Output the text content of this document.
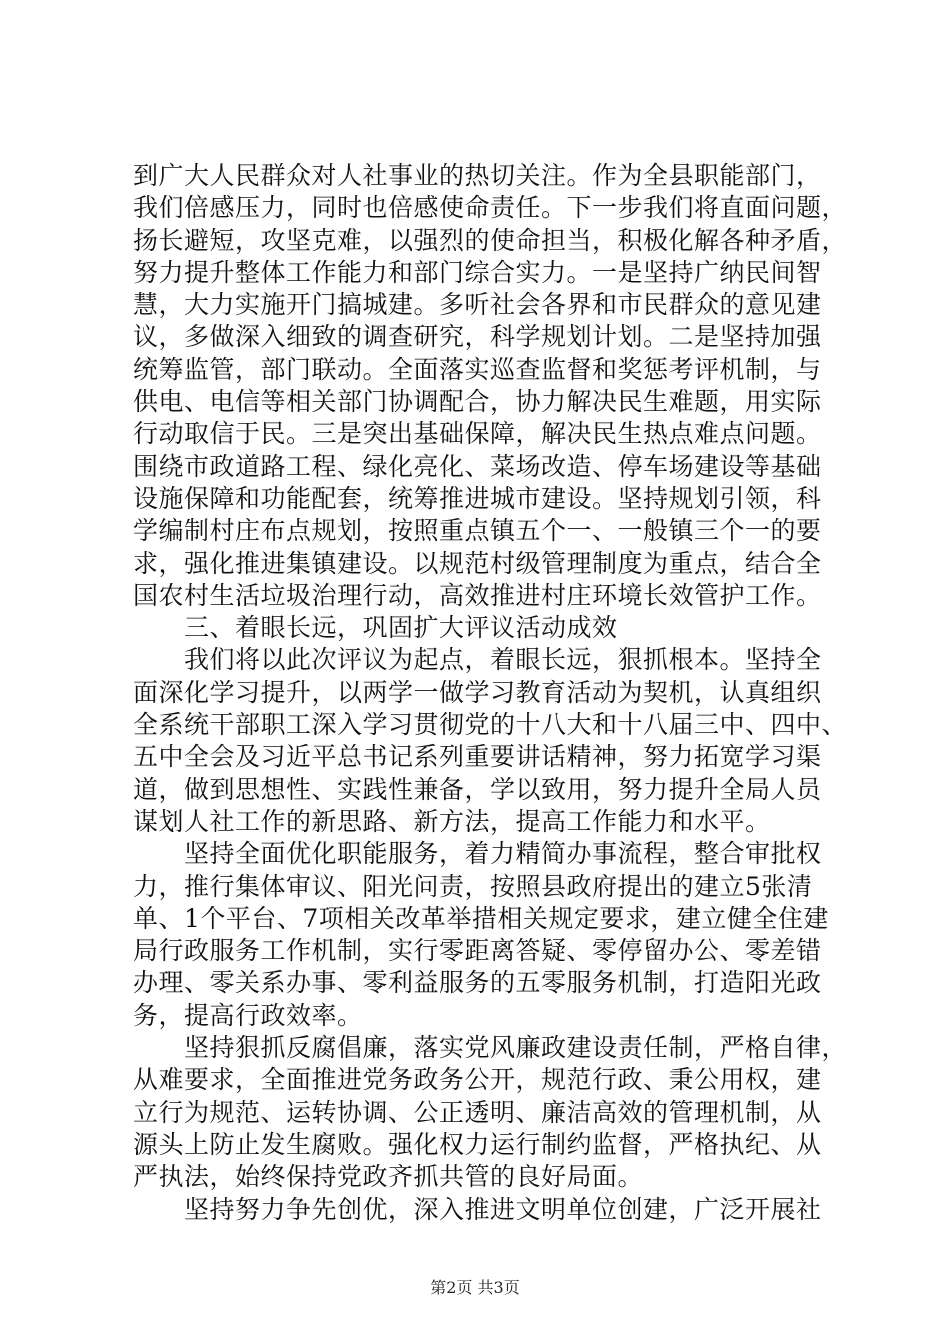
到广大人民群众对人社事业的热切关注。作为全县职能部门，
我们倍感压力，同时也倍感使命责任。下一步我们将直面问题，
扬长避短，攻坚克难，以强烈的使命担当，积极化解各种矛盾，
努力提升整体工作能力和部门综合实力。一是坚持广纳民间智
慧，大力实施开门搞城建。多听社会各界和市民群众的意见建
议，多做深入细致的调查研究，科学规划计划。二是坚持加强
统筹监管，部门联动。全面落实巡查监督和奖惩考评机制，与
供电、电信等相关部门协调配合，协力解决民生难题，用实际
行动取信于民。三是突出基础保障，解决民生热点难点问题。
围绕市政道路工程、绿化亮化、菜场改造、停车场建设等基础
设施保障和功能配套，统筹推进城市建设。坚持规划引领，科
学编制村庄布点规划，按照重点镇五个一、一般镇三个一的要
求，强化推进集镇建设。以规范村级管理制度为重点，结合全
国农村生活垃圾治理行动，高效推进村庄环境长效管护工作。
　　三、着眼长远，巩固扩大评议活动成效
　　我们将以此次评议为起点，着眼长远，狠抓根本。坚持全
面深化学习提升，以两学一做学习教育活动为契机，认真组织
全系统干部职工深入学习贯彻党的十八大和十八届三中、四中、
五中全会及习近平总书记系列重要讲话精神，努力拓宽学习渠
道，做到思想性、实践性兼备，学以致用，努力提升全局人员
谋划人社工作的新思路、新方法，提高工作能力和水平。
　　坚持全面优化职能服务，着力精简办事流程，整合审批权
力，推行集体审议、阳光问责，按照县政府提出的建立5张清
单、1个平台、7项相关改革举措相关规定要求，建立健全住建
局行政服务工作机制，实行零距离答疑、零停留办公、零差错
办理、零关系办事、零利益服务的五零服务机制，打造阳光政
务，提高行政效率。
　　坚持狠抓反腐倡廉，落实党风廉政建设责任制，严格自律，
从难要求，全面推进党务政务公开，规范行政、秉公用权，建
立行为规范、运转协调、公正透明、廉洁高效的管理机制，从
源头上防止发生腐败。强化权力运行制约监督，严格执纪、从
严执法，始终保持党政齐抓共管的良好局面。
　　坚持努力争先创优，深入推进文明单位创建，广泛开展社
第2页 共3页
